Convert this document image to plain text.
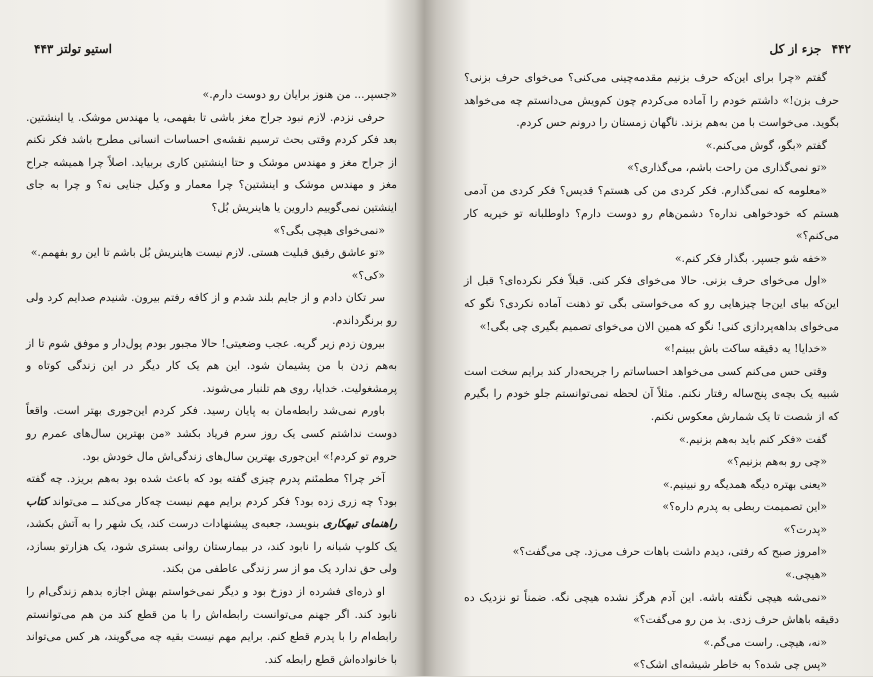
استیو تولتز ۴۴۳

«جسپر... من هنوز برایان رو دوست دارم.»

حرفی نزدم. لازم نبود جراح مغز باشی تا بفهمی، یا مهندس موشک. یا اینشتین. بعد فکر کردم وقتی بحث ترسیم نقشه‌ی احساسات انسانی مطرح باشد فکر نکنم از جراح مغز و مهندس موشک و حتا اینشتین کاری بربیاید. اصلاً چرا همیشه جراح مغز و مهندس موشک و اینشتین؟ چرا معمار و وکیل جنایی نه؟ و چرا به جای اینشتین نمی‌گوییم داروین یا هاینریش بُل؟

«نمی‌خوای هیچی بگی؟»

«تو عاشق رفیق قبلیت هستی. لازم نیست هاینریش بُل باشم تا این رو بفهمم.»

«کی؟»

سر تکان دادم و از جایم بلند شدم و از کافه رفتم بیرون. شنیدم صدایم کرد ولی رو برنگرداندم.

بیرون زدم زیر گریه. عجب وضعیتی! حالا مجبور بودم پول‌دار و موفق شوم تا از به‌هم زدن با من پشیمان شود. این هم یک کار دیگر در این زندگی کوتاه و پرمشغولیت. خدایا، روی هم تلنبار می‌شوند.

باورم نمی‌شد رابطه‌مان به پایان رسید. فکر کردم این‌جوری بهتر است. واقعاً دوست نداشتم کسی یک روز سرم فریاد بکشد «من بهترین سال‌های عمرم رو حروم تو کردم!» این‌جوری بهترین سال‌های زندگی‌اش مال خودش بود.

آخر چرا؟ مطمئنم پدرم چیزی گفته بود که باعث شده بود به‌هم بریزد. چه گفته بود؟ چه زری زده بود؟ فکر کردم برایم مهم نیست چه‌کار می‌کند ــ می‌تواند کتاب راهنمای تبهکاری بنویسد، جعبه‌ی پیشنهادات درست کند، یک شهر را به آتش بکشد، یک کلوپ شبانه را نابود کند، در بیمارستان روانی بستری شود، یک هزارتو بسازد، ولی حق ندارد یک مو از سر زندگی عاطفی من بکند.

او ذره‌ای فشرده از دوزخ بود و دیگر نمی‌خواستم بهش اجازه بدهم زندگی‌ام را نابود کند. اگر جهنم می‌توانست رابطه‌اش را با من قطع کند من هم می‌توانستم رابطه‌ام را با پدرم قطع کنم. برایم مهم نیست بقیه چه می‌گویند، هر کس می‌تواند با خانواده‌اش قطع رابطه کند.

۴۴۲ جزء از کل

گفتم «چرا برای این‌که حرف بزنیم مقدمه‌چینی می‌کنی؟ می‌خوای حرف بزنی؟ حرف بزن!» داشتم خودم را آماده می‌کردم چون کم‌ویش می‌دانستم چه می‌خواهد بگوید. می‌خواست با من به‌هم بزند. ناگهان زمستان را درونم حس کردم.

گفتم «بگو، گوش می‌کنم.»

«تو نمی‌گذاری من راحت باشم، می‌گذاری؟»

«معلومه که نمی‌گذارم. فکر کردی من کی هستم؟ قدیس؟ فکر کردی من آدمی هستم که خودخواهی نداره؟ دشمن‌هام رو دوست دارم؟ داوطلبانه تو خیریه کار می‌کنم؟»

«خفه شو جسپر. بگذار فکر کنم.»

«اول می‌خوای حرف بزنی. حالا می‌خوای فکر کنی. قبلاً فکر نکرده‌ای؟ قبل از این‌که بیای این‌جا چیزهایی رو که می‌خواستی بگی تو ذهنت آماده نکردی؟ نگو که می‌خوای بداهه‌پردازی کنی! نگو که همین الان می‌خوای تصمیم بگیری چی بگی!»

«خدایا! یه دقیقه ساکت باش ببینم!»

وقتی حس می‌کنم کسی می‌خواهد احساساتم را جریحه‌دار کند برایم سخت است شبیه یک بچه‌ی پنج‌ساله رفتار نکنم. مثلاً آن لحظه نمی‌توانستم جلو خودم را بگیرم که از شصت تا یک شمارش معکوس نکنم.

گفت «فکر کنم باید به‌هم بزنیم.»

«چی رو به‌هم بزنیم؟»

«یعنی بهتره دیگه همدیگه رو نبینیم.»

«این تصمیمت ربطی به پدرم داره؟»

«پدرت؟»

«امروز صبح که رفتی، دیدم داشت باهات حرف می‌زد. چی می‌گفت؟»

«هیچی.»

«نمی‌شه هیچی نگفته باشه. این آدم هرگز نشده هیچی نگه. ضمناً تو نزدیک ده دقیقه باهاش حرف زدی. بذ من رو می‌گفت؟»

«نه، هیچی. راست می‌گم.»

«پس چی شده؟ به خاطر شیشه‌ای اشک؟»
